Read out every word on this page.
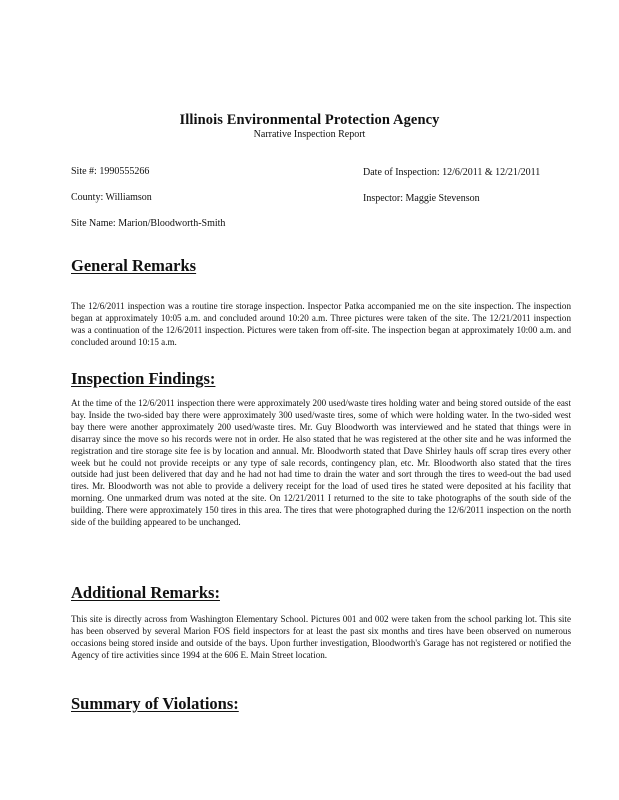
Illinois Environmental Protection Agency
Narrative Inspection Report
Site #: 1990555266	Date of Inspection: 12/6/2011 & 12/21/2011
County: Williamson	Inspector: Maggie Stevenson
Site Name: Marion/Bloodworth-Smith
General Remarks

The 12/6/2011 inspection was a routine tire storage inspection. Inspector Patka accompanied me on the site inspection. The inspection began at approximately 10:05 a.m. and concluded around 10:20 a.m. Three pictures were taken of the site. The 12/21/2011 inspection was a continuation of the 12/6/2011 inspection. Pictures were taken from off-site. The inspection began at approximately 10:00 a.m. and concluded around 10:15 a.m.

Inspection Findings:

At the time of the 12/6/2011 inspection there were approximately 200 used/waste tires holding water and being stored outside of the east bay. Inside the two-sided bay there were approximately 300 used/waste tires, some of which were holding water. In the two-sided west bay there were another approximately 200 used/waste tires. Mr. Guy Bloodworth was interviewed and he stated that things were in disarray since the move so his records were not in order. He also stated that he was registered at the other site and he was informed the registration and tire storage site fee is by location and annual. Mr. Bloodworth stated that Dave Shirley hauls off scrap tires every other week but he could not provide receipts or any type of sale records, contingency plan, etc. Mr. Bloodworth also stated that the tires outside had just been delivered that day and he had not had time to drain the water and sort through the tires to weed-out the bad used tires. Mr. Bloodworth was not able to provide a delivery receipt for the load of used tires he stated were deposited at his facility that morning. One unmarked drum was noted at the site. On 12/21/2011 I returned to the site to take photographs of the south side of the building. There were approximately 150 tires in this area. The tires that were photographed during the 12/6/2011 inspection on the north side of the building appeared to be unchanged.

Additional Remarks:

This site is directly across from Washington Elementary School. Pictures 001 and 002 were taken from the school parking lot. This site has been observed by several Marion FOS field inspectors for at least the past six months and tires have been observed on numerous occasions being stored inside and outside of the bays. Upon further investigation, Bloodworth's Garage has not registered or notified the Agency of tire activities since 1994 at the 606 E. Main Street location.

Summary of Violations:
